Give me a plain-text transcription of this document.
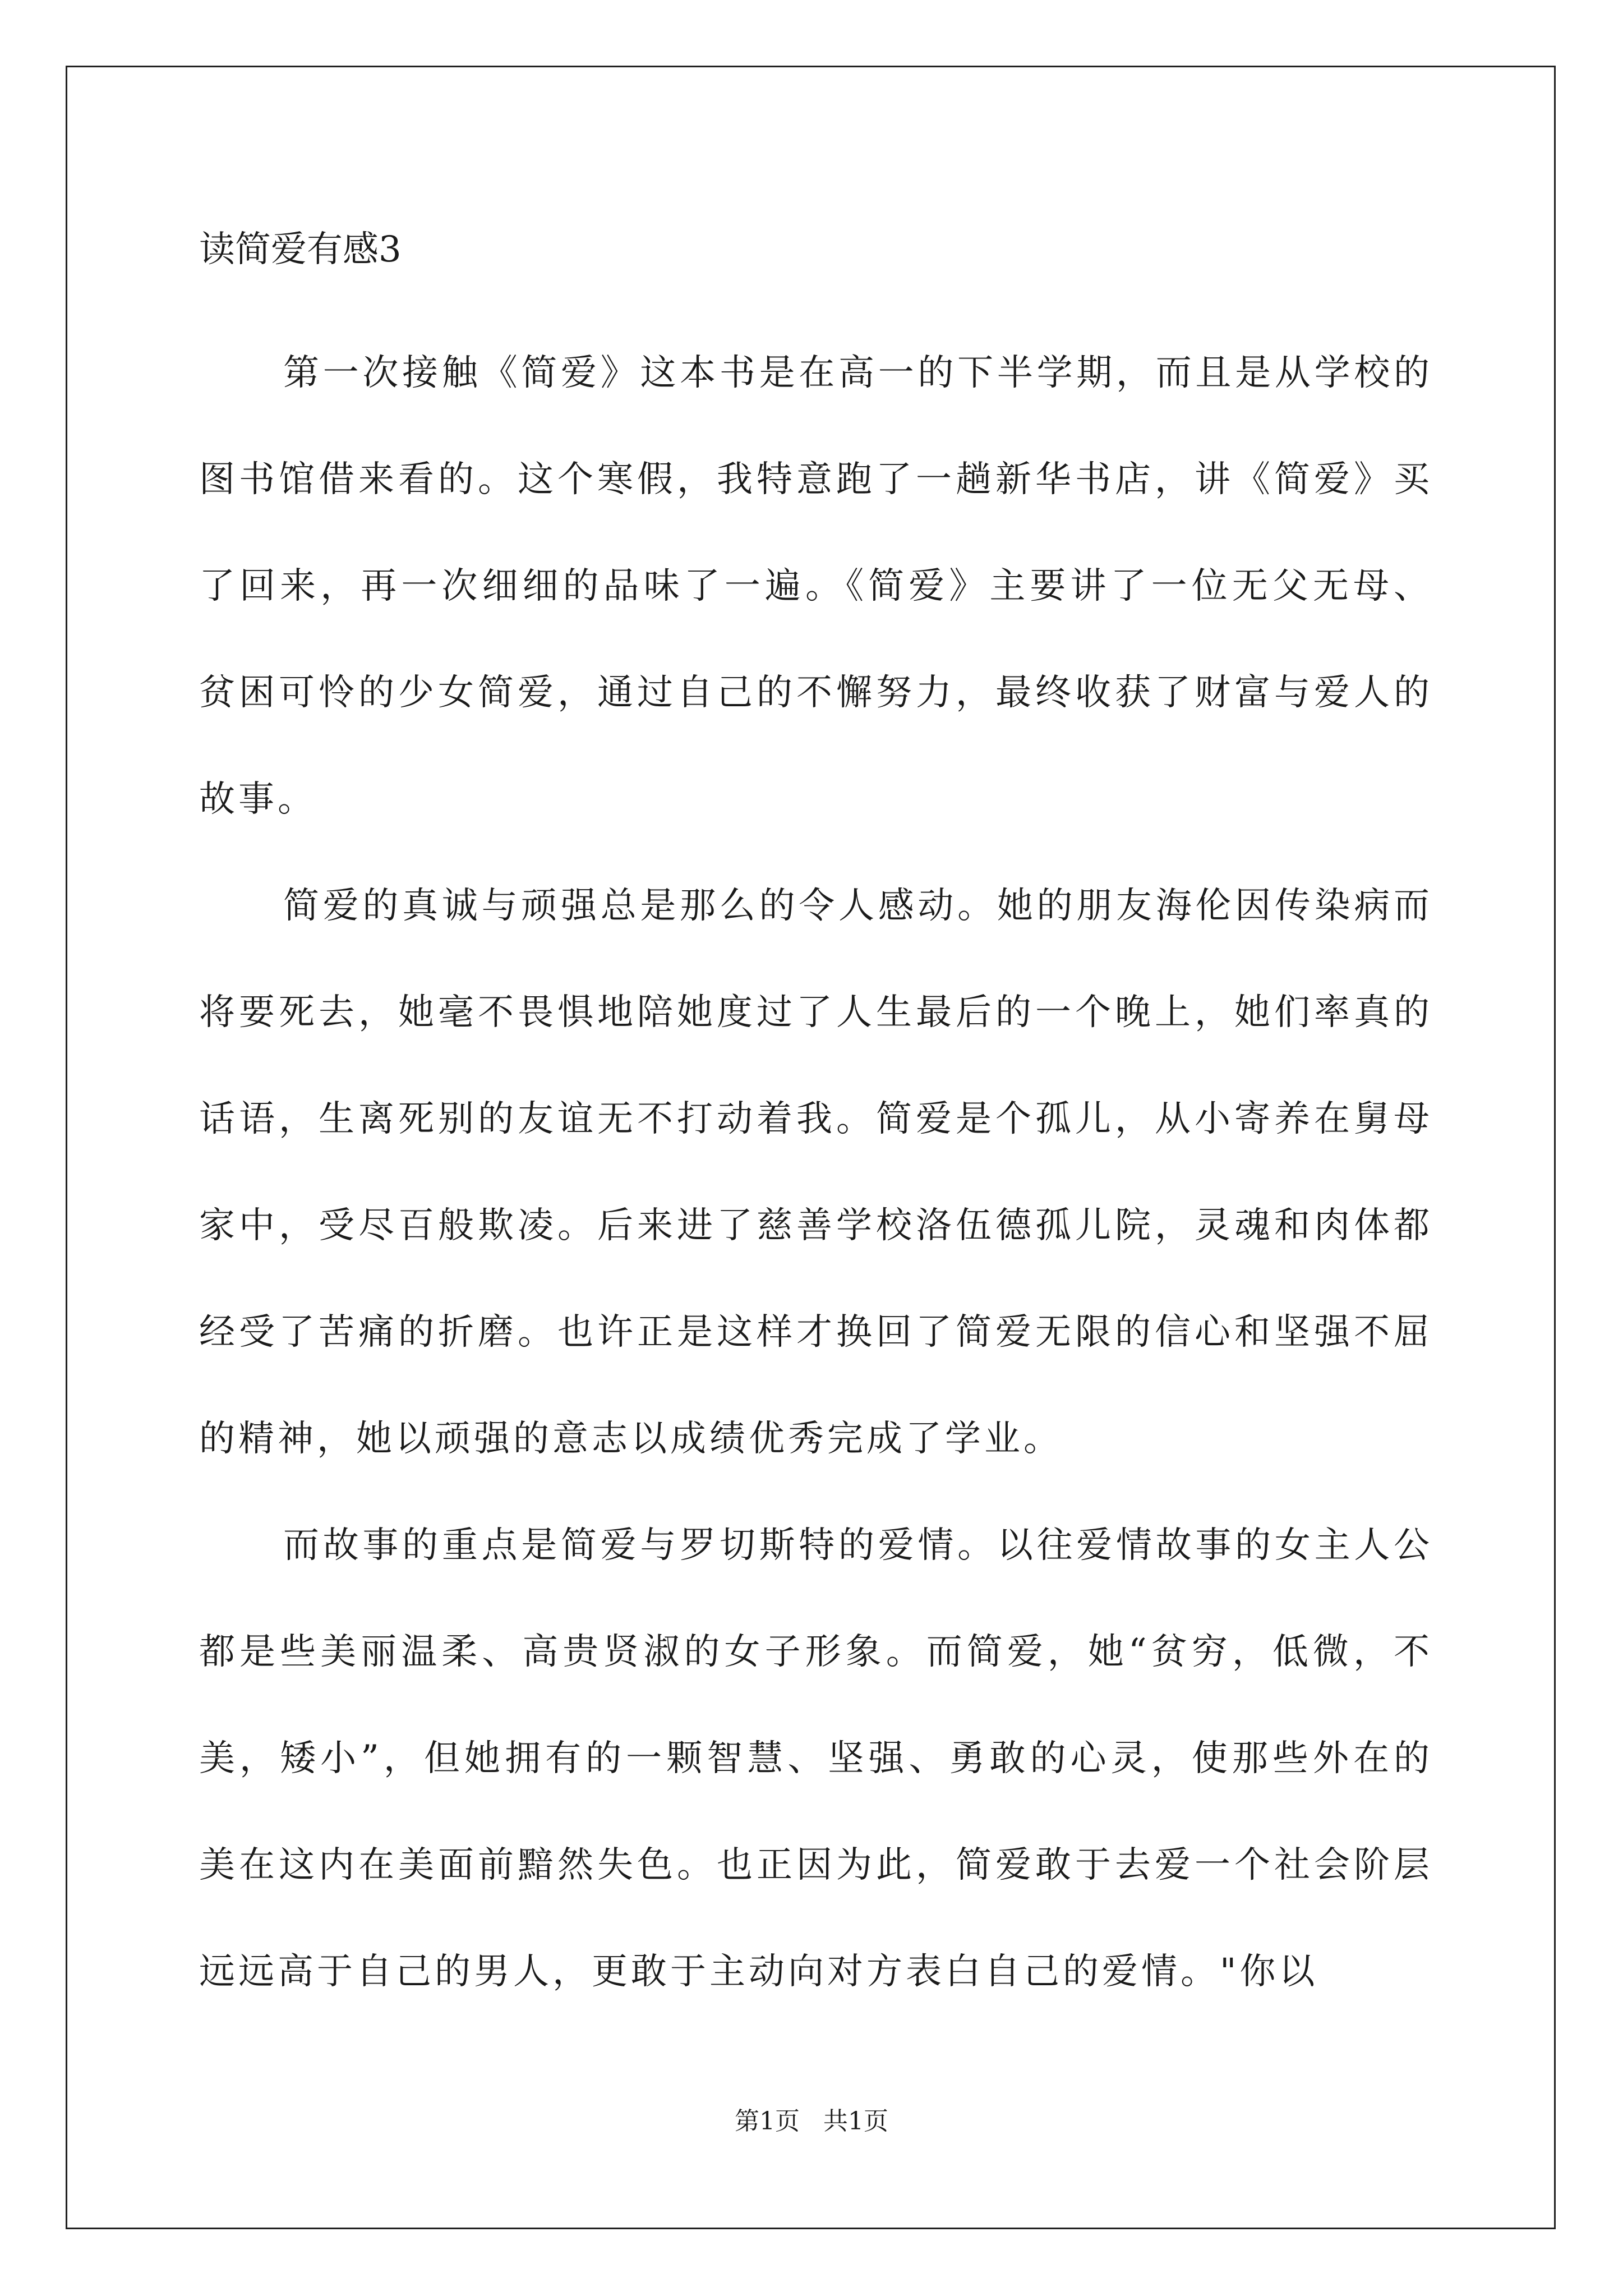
读简爱有感3

第一次接触《简爱》这本书是在高一的下半学期，而且是从学校的图书馆借来看的。这个寒假，我特意跑了一趟新华书店，讲《简爱》买了回来，再一次细细的品味了一遍。《简爱》主要讲了一位无父无母、贫困可怜的少女简爱，通过自己的不懈努力，最终收获了财富与爱人的故事。

简爱的真诚与顽强总是那么的令人感动。她的朋友海伦因传染病而将要死去，她毫不畏惧地陪她度过了人生最后的一个晚上，她们率真的话语，生离死别的友谊无不打动着我。简爱是个孤儿，从小寄养在舅母家中，受尽百般欺凌。后来进了慈善学校洛伍德孤儿院，灵魂和肉体都经受了苦痛的折磨。也许正是这样才换回了简爱无限的信心和坚强不屈的精神，她以顽强的意志以成绩优秀完成了学业。

而故事的重点是简爱与罗切斯特的爱情。以往爱情故事的女主人公都是些美丽温柔、高贵贤淑的女子形象。而简爱，她“贫穷，低微，不美，矮小”，但她拥有的一颗智慧、坚强、勇敢的心灵，使那些外在的美在这内在美面前黯然失色。也正因为此，简爱敢于去爱一个社会阶层远远高于自己的男人，更敢于主动向对方表白自己的爱情。"你以

第1页   共1页
